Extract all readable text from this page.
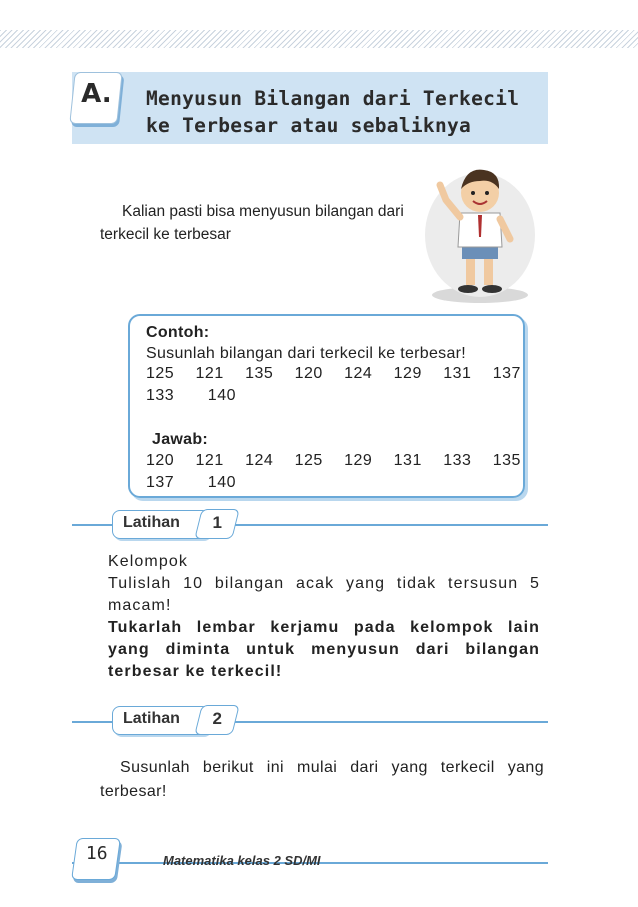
A.	Menyusun Bilangan dari Terkecil ke Terbesar atau sebaliknya
Kalian pasti bisa menyusun bilangan dari terkecil ke terbesar
Contoh:
Susunlah bilangan dari terkecil ke terbesar!
125 121 135 120 124 129 131 137
133 140
Jawab:
120 121 124 125 129 131 133 135
137 140
Latihan	1
Kelompok
Tulislah 10 bilangan acak yang tidak tersusun 5 macam!
Tukarlah lembar kerjamu pada kelompok lain yang diminta untuk menyusun dari bilangan terbesar ke terkecil!
Latihan	2
Susunlah berikut ini mulai dari yang terkecil yang terbesar!
16	Matematika kelas 2 SD/MI
